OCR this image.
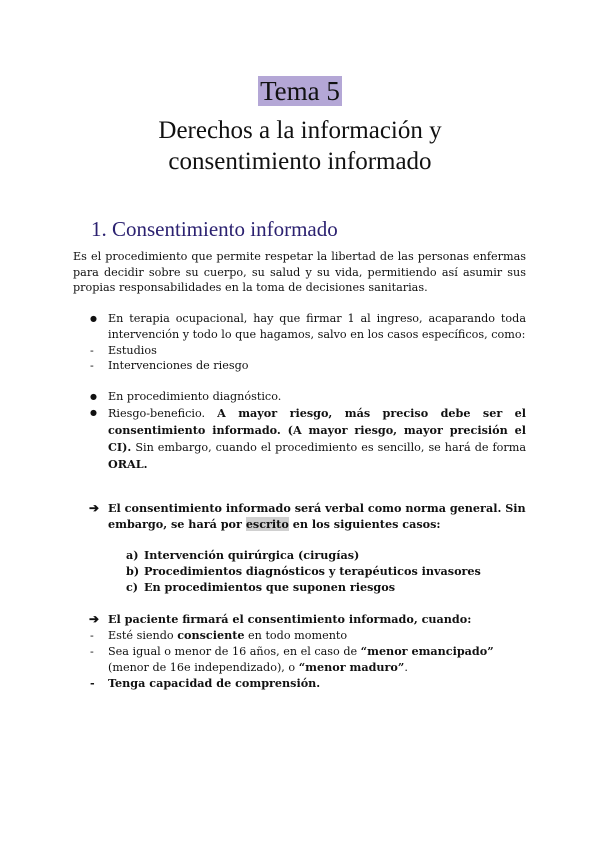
Tema 5
Derechos a la información y
consentimiento informado
1. Consentimiento informado
Es el procedimiento que permite respetar la libertad de las personas enfermas para decidir sobre su cuerpo, su salud y su vida, permitiendo así asumir sus propias responsabilidades en la toma de decisiones sanitarias.
● En terapia ocupacional, hay que firmar 1 al ingreso, acaparando toda intervención y todo lo que hagamos, salvo en los casos específicos, como:
- Estudios
- Intervenciones de riesgo
● En procedimiento diagnóstico.
● Riesgo-beneficio. A mayor riesgo, más preciso debe ser el consentimiento informado. (A mayor riesgo, mayor precisión el CI). Sin embargo, cuando el procedimiento es sencillo, se hará de forma ORAL.
➔ El consentimiento informado será verbal como norma general. Sin embargo, se hará por escrito en los siguientes casos:
a) Intervención quirúrgica (cirugías)
b) Procedimientos diagnósticos y terapéuticos invasores
c) En procedimientos que suponen riesgos
➔ El paciente firmará el consentimiento informado, cuando:
- Esté siendo consciente en todo momento
- Sea igual o menor de 16 años, en el caso de “menor emancipado” (menor de 16e independizado), o “menor maduro”.
- Tenga capacidad de comprensión.
